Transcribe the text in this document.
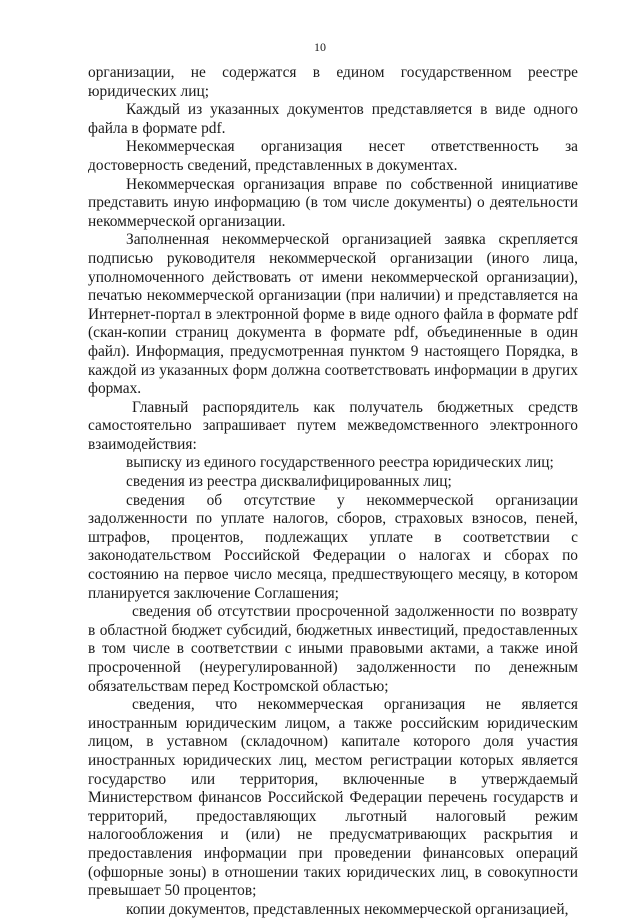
10

организации, не содержатся в едином государственном реестре юридических лиц;

Каждый из указанных документов представляется в виде одного файла в формате pdf.

Некоммерческая организация несет ответственность за достоверность сведений, представленных в документах.

Некоммерческая организация вправе по собственной инициативе представить иную информацию (в том числе документы) о деятельности некоммерческой организации.

Заполненная некоммерческой организацией заявка скрепляется подписью руководителя некоммерческой организации (иного лица, уполномоченного действовать от имени некоммерческой организации), печатью некоммерческой организации (при наличии) и представляется на Интернет-портал в электронной форме в виде одного файла в формате pdf (скан-копии страниц документа в формате pdf, объединенные в один файл). Информация, предусмотренная пунктом 9 настоящего Порядка, в каждой из указанных форм должна соответствовать информации в других формах.

Главный распорядитель как получатель бюджетных средств самостоятельно запрашивает путем межведомственного электронного взаимодействия:

выписку из единого государственного реестра юридических лиц;

сведения из реестра дисквалифицированных лиц;

сведения об отсутствие у некоммерческой организации задолженности по уплате налогов, сборов, страховых взносов, пеней, штрафов, процентов, подлежащих уплате в соответствии с законодательством Российской Федерации о налогах и сборах по состоянию на первое число месяца, предшествующего месяцу, в котором планируется заключение Соглашения;

сведения об отсутствии просроченной задолженности по возврату в областной бюджет субсидий, бюджетных инвестиций, предоставленных в том числе в соответствии с иными правовыми актами, а также иной просроченной (неурегулированной) задолженности по денежным обязательствам перед Костромской областью;

сведения, что некоммерческая организация не является иностранным юридическим лицом, а также российским юридическим лицом, в уставном (складочном) капитале которого доля участия иностранных юридических лиц, местом регистрации которых является государство или территория, включенные в утверждаемый Министерством финансов Российской Федерации перечень государств и территорий, предоставляющих льготный налоговый режим налогообложения и (или) не предусматривающих раскрытия и предоставления информации при проведении финансовых операций (офшорные зоны) в отношении таких юридических лиц, в совокупности превышает 50 процентов;

копии документов, представленных некоммерческой организацией,
